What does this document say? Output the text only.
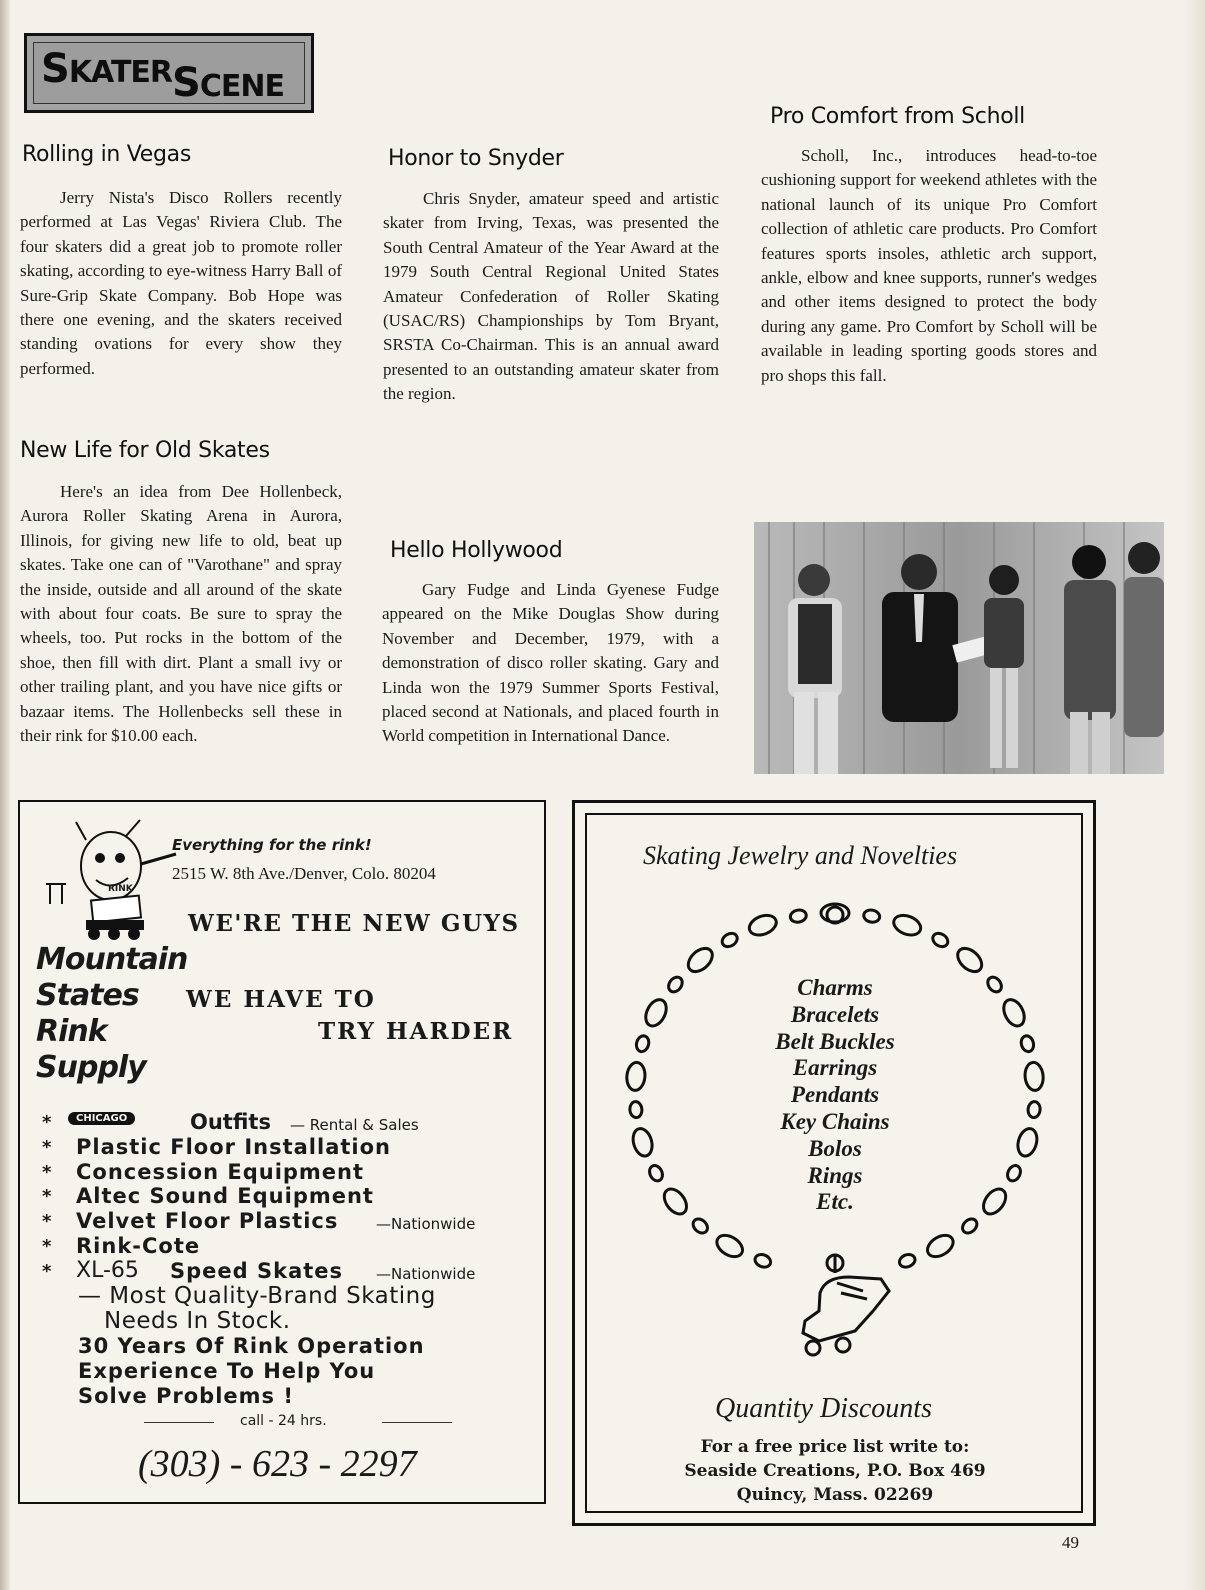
SKATERSCENE
Rolling in Vegas
Jerry Nista's Disco Rollers recently performed at Las Vegas' Riviera Club. The four skaters did a great job to promote roller skating, according to eye-witness Harry Ball of Sure-Grip Skate Company. Bob Hope was there one evening, and the skaters received standing ovations for every show they performed.
New Life for Old Skates
Here's an idea from Dee Hollenbeck, Aurora Roller Skating Arena in Aurora, Illinois, for giving new life to old, beat up skates. Take one can of "Varothane" and spray the inside, outside and all around of the skate with about four coats. Be sure to spray the wheels, too. Put rocks in the bottom of the shoe, then fill with dirt. Plant a small ivy or other trailing plant, and you have nice gifts or bazaar items. The Hollenbecks sell these in their rink for $10.00 each.
Honor to Snyder
Chris Snyder, amateur speed and artistic skater from Irving, Texas, was presented the South Central Amateur of the Year Award at the 1979 South Central Regional United States Amateur Confederation of Roller Skating (USAC/RS) Championships by Tom Bryant, SRSTA Co-Chairman. This is an annual award presented to an outstanding amateur skater from the region.
Hello Hollywood
Gary Fudge and Linda Gyenese Fudge appeared on the Mike Douglas Show during November and December, 1979, with a demonstration of disco roller skating. Gary and Linda won the 1979 Summer Sports Festival, placed second at Nationals, and placed fourth in World competition in International Dance.
Pro Comfort from Scholl
Scholl, Inc., introduces head-to-toe cushioning support for weekend athletes with the national launch of its unique Pro Comfort collection of athletic care products. Pro Comfort features sports insoles, athletic arch support, ankle, elbow and knee supports, runner's wedges and other items designed to protect the body during any game. Pro Comfort by Scholl will be available in leading sporting goods stores and pro shops this fall.
RINK
Everything for the rink!
2515 W. 8th Ave./Denver, Colo. 80204
WE'RE THE NEW GUYS
Mountain
States
Rink
Supply
WE HAVE TO
TRY HARDER
*	CHICAGO	Outfits — Rental & Sales
* Plastic Floor Installation
* Concession Equipment
* Altec Sound Equipment
* Velvet Floor Plastics	—Nationwide
* Rink-Cote
* XL-65 Speed Skates —Nationwide
— Most Quality-Brand Skating
Needs In Stock.
30 Years Of Rink Operation
Experience To Help You
Solve Problems !
call - 24 hrs.
(303) - 623 - 2297
Skating Jewelry and Novelties
Charms
Bracelets
Belt Buckles
Earrings
Pendants
Key Chains
Bolos
Rings
Etc.
Quantity Discounts
For a free price list write to:
Seaside Creations, P.O. Box 469
Quincy, Mass. 02269
49
